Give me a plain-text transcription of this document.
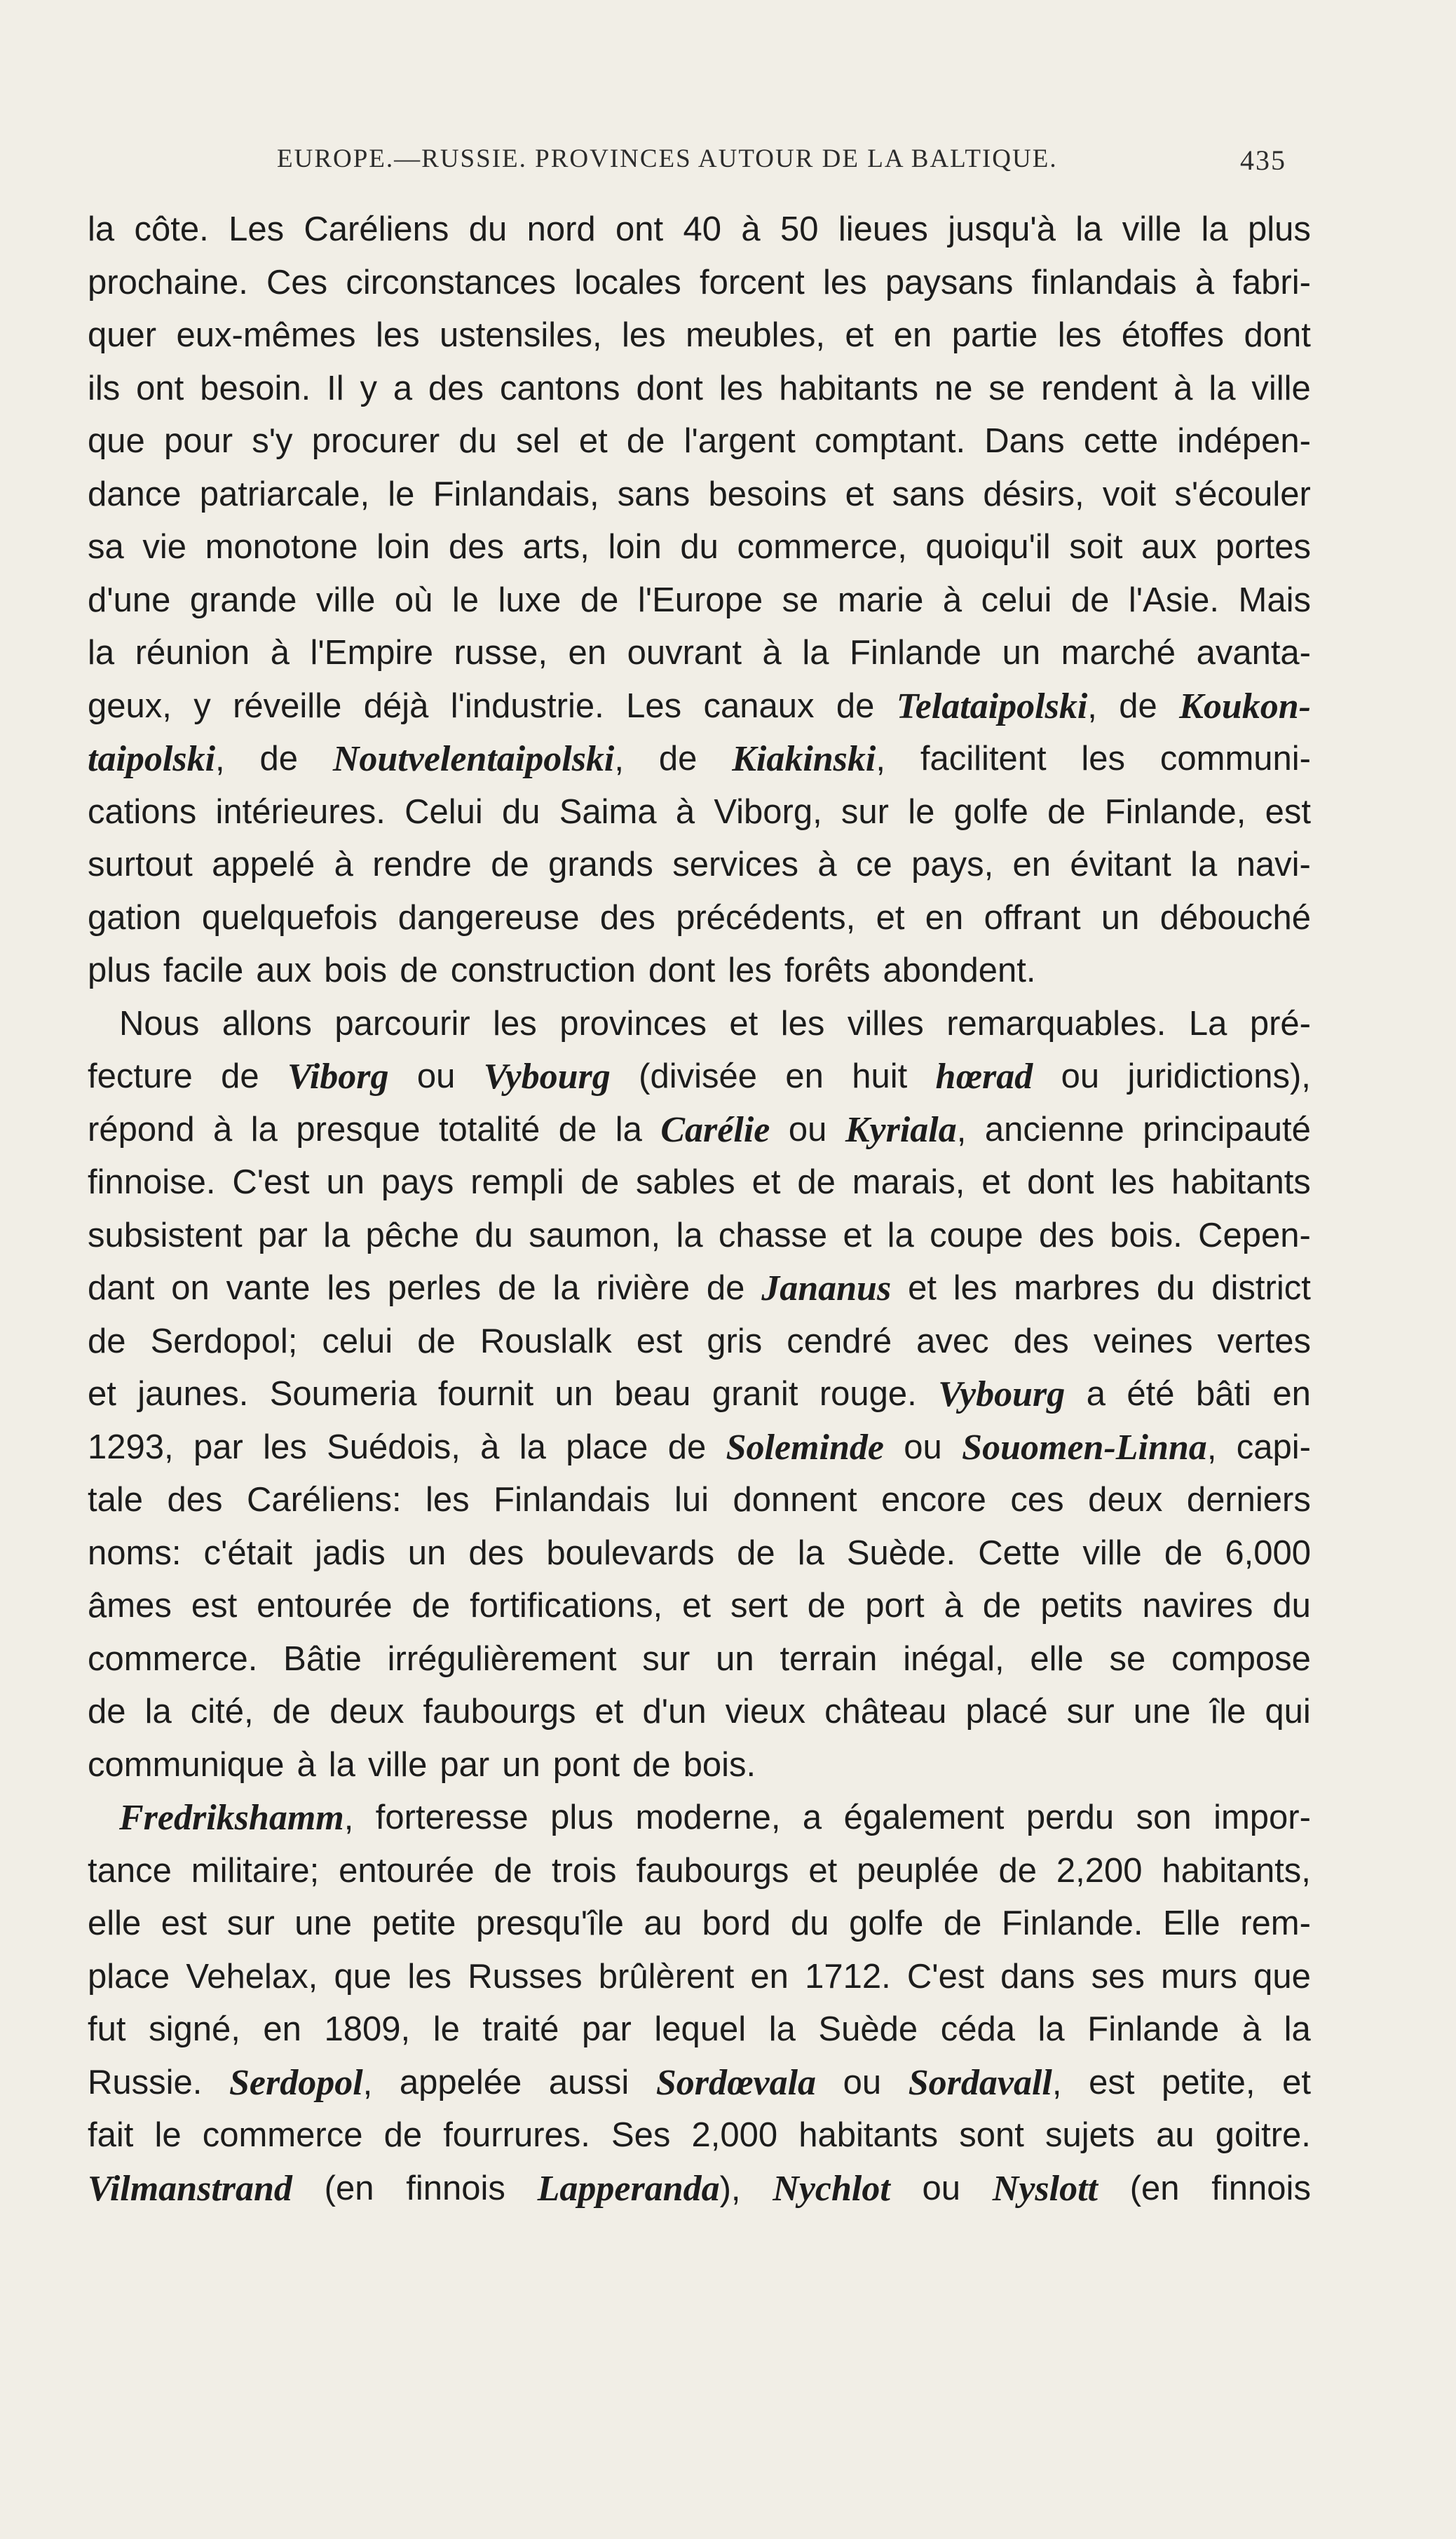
EUROPE.—RUSSIE. PROVINCES AUTOUR DE LA BALTIQUE.	435
la côte. Les Caréliens du nord ont 40 à 50 lieues jusqu'à la ville la plus
prochaine. Ces circonstances locales forcent les paysans finlandais à fabri-
quer eux-mêmes les ustensiles, les meubles, et en partie les étoffes dont
ils ont besoin. Il y a des cantons dont les habitants ne se rendent à la ville
que pour s'y procurer du sel et de l'argent comptant. Dans cette indépen-
dance patriarcale, le Finlandais, sans besoins et sans désirs, voit s'écouler
sa vie monotone loin des arts, loin du commerce, quoiqu'il soit aux portes
d'une grande ville où le luxe de l'Europe se marie à celui de l'Asie. Mais
la réunion à l'Empire russe, en ouvrant à la Finlande un marché avanta-
geux, y réveille déjà l'industrie. Les canaux de Telataipolski, de Koukon-
taipolski, de Noutvelentaipolski, de Kiakinski, facilitent les communi-
cations intérieures. Celui du Saima à Viborg, sur le golfe de Finlande, est
surtout appelé à rendre de grands services à ce pays, en évitant la navi-
gation quelquefois dangereuse des précédents, et en offrant un débouché
plus facile aux bois de construction dont les forêts abondent.
Nous allons parcourir les provinces et les villes remarquables. La pré-
fecture de Viborg ou Vybourg (divisée en huit hœrad ou juridictions),
répond à la presque totalité de la Carélie ou Kyriala, ancienne principauté
finnoise. C'est un pays rempli de sables et de marais, et dont les habitants
subsistent par la pêche du saumon, la chasse et la coupe des bois. Cepen-
dant on vante les perles de la rivière de Jananus et les marbres du district
de Serdopol; celui de Rouslalk est gris cendré avec des veines vertes
et jaunes. Soumeria fournit un beau granit rouge. Vybourg a été bâti en
1293, par les Suédois, à la place de Soleminde ou Souomen-Linna, capi-
tale des Caréliens: les Finlandais lui donnent encore ces deux derniers
noms: c'était jadis un des boulevards de la Suède. Cette ville de 6,000
âmes est entourée de fortifications, et sert de port à de petits navires du
commerce. Bâtie irrégulièrement sur un terrain inégal, elle se compose
de la cité, de deux faubourgs et d'un vieux château placé sur une île qui
communique à la ville par un pont de bois.
Fredrikshamm, forteresse plus moderne, a également perdu son impor-
tance militaire; entourée de trois faubourgs et peuplée de 2,200 habitants,
elle est sur une petite presqu'île au bord du golfe de Finlande. Elle rem-
place Vehelax, que les Russes brûlèrent en 1712. C'est dans ses murs que
fut signé, en 1809, le traité par lequel la Suède céda la Finlande à la
Russie. Serdopol, appelée aussi Sordœvala ou Sordavall, est petite, et
fait le commerce de fourrures. Ses 2,000 habitants sont sujets au goitre.
Vilmanstrand (en finnois Lapperanda), Nychlot ou Nyslott (en finnois
